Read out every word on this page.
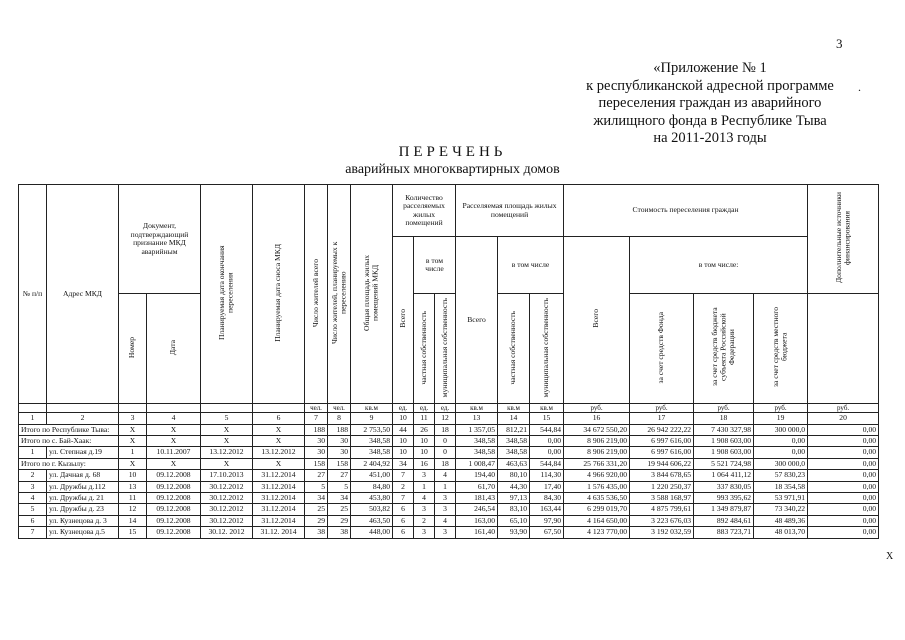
3
«Приложение № 1
к республиканской адресной программе
переселения граждан из аварийного
жилищного фонда в Республике Тыва
на 2011-2013 годы
.
ПЕРЕЧЕНЬ
аварийных многоквартирных домов
№ п/п	Адрес МКД	Документ, подтверждающий признание МКД аварийным		Планируемая дата окончания переселения	Планируемая дата сноса МКД	Число жителей всего	Число жителей, планируемых к переселению	Общая площадь жилых помещений МКД	Количество расселяемых жилых помещений			Расселяемая площадь жилых помещений			Стоимость переселения граждан				Дополнительные источники финансирования
									Всего	в том числе		Всего	в том числе		Всего	в том числе:			
		Номер	Дата							частная собственность	муниципальная собственность		частная собственность	муниципальная собственность		за счет средств Фонда	за счет средств бюджета субъекта Российской Федерации	за счет средств местного бюджета	
						чел.	чел.	кв.м	ед.	ед.	ед.	кв.м	кв.м	кв.м	руб.	руб.	руб.	руб.	руб.
1	2	3	4	5	6	7	8	9	10	11	12	13	14	15	16	17	18	19	20
Итого по Республике Тыва:		X	X	X	X	188	188	2 753,50	44	26	18	1 357,05	812,21	544,84	34 672 550,20	26 942 222,22	7 430 327,98	300 000,0	0,00
Итого по с. Бай-Хаак:		X	X	X	X	30	30	348,58	10	10	0	348,58	348,58	0,00	8 906 219,00	6 997 616,00	1 908 603,00	0,00	0,00
1	ул. Степная д.19	1	10.11.2007	13.12.2012	13.12.2012	30	30	348,58	10	10	0	348,58	348,58	0,00	8 906 219,00	6 997 616,00	1 908 603,00	0,00	0,00
Итого по г. Кызылу:		X	X	X	X	158	158	2 404,92	34	16	18	1 008,47	463,63	544,84	25 766 331,20	19 944 606,22	5 521 724,98	300 000,0	0,00
2	ул. Дачная д. 68	10	09.12.2008	17.10.2013	31.12.2014	27	27	451,00	7	3	4	194,40	80,10	114,30	4 966 920,00	3 844 678,65	1 064 411,12	57 830,23	0,00
3	ул. Дружбы д.112	13	09.12.2008	30.12.2012	31.12.2014	5	5	84,80	2	1	1	61,70	44,30	17,40	1 576 435,00	1 220 250,37	337 830,05	18 354,58	0,00
4	ул. Дружбы д. 21	11	09.12.2008	30.12.2012	31.12.2014	34	34	453,80	7	4	3	181,43	97,13	84,30	4 635 536,50	3 588 168,97	993 395,62	53 971,91	0,00
5	ул. Дружбы д. 23	12	09.12.2008	30.12.2012	31.12.2014	25	25	503,82	6	3	3	246,54	83,10	163,44	6 299 019,70	4 875 799,61	1 349 879,87	73 340,22	0,00
6	ул. Кузнецова д. 3	14	09.12.2008	30.12.2012	31.12.2014	29	29	463,50	6	2	4	163,00	65,10	97,90	4 164 650,00	3 223 676,03	892 484,61	48 489,36	0,00
7	ул. Кузнецова д.5	15	09.12.2008	30.12. 2012	31.12. 2014	38	38	448,00	6	3	3	161,40	93,90	67,50	4 123 770,00	3 192 032,59	883 723,71	48 013,70	0,00
X
